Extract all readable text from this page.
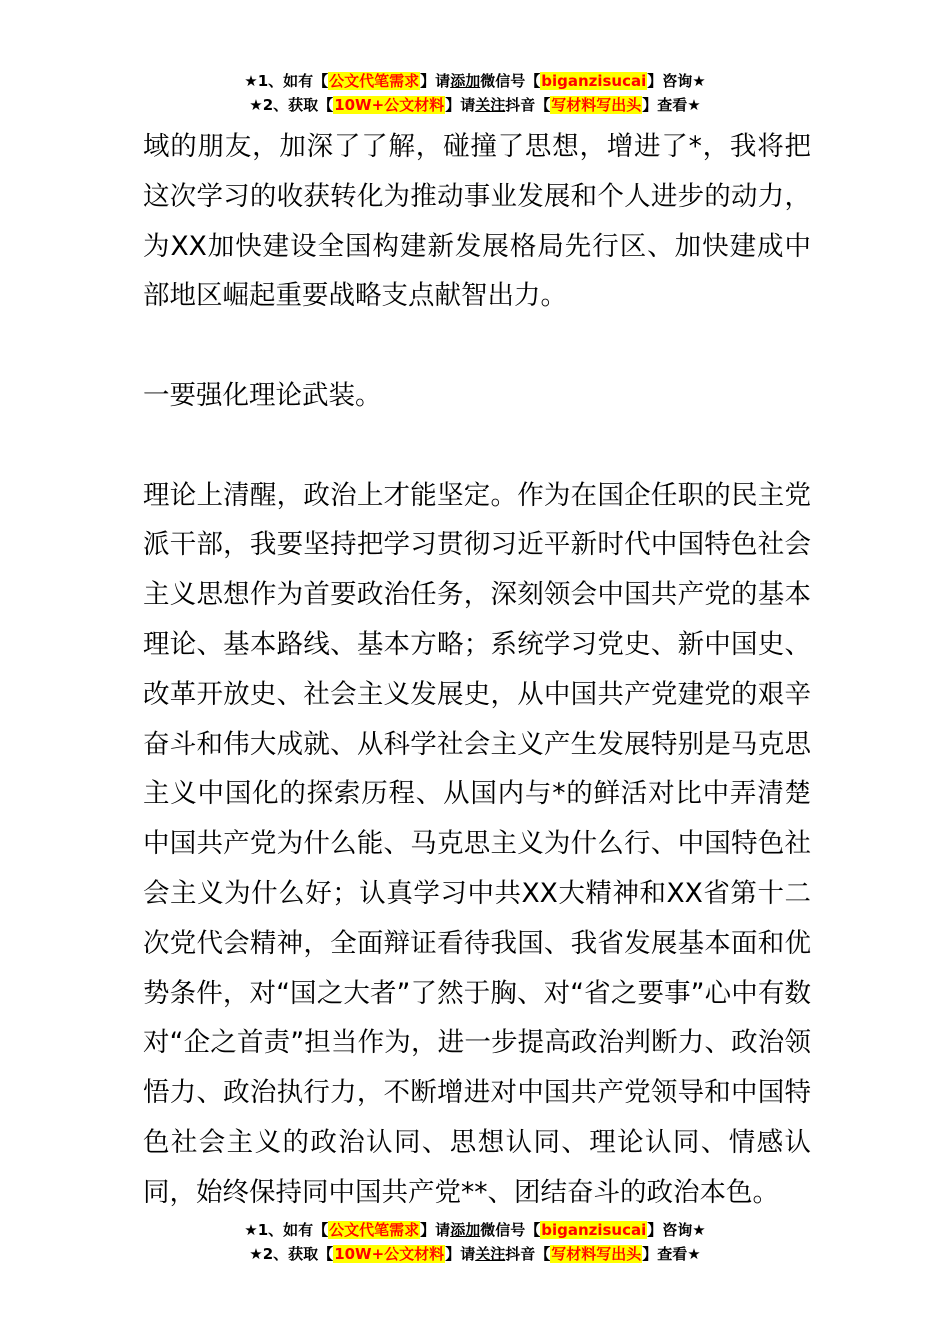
★1、如有【公文代笔需求】请添加微信号【biganzisucai】咨询★
★2、获取【10W+公文材料】请关注抖音【写材料写出头】查看★

域的朋友，加深了了解，碰撞了思想，增进了*，我将把这次学习的收获转化为推动事业发展和个人进步的动力，为XX加快建设全国构建新发展格局先行区、加快建成中部地区崛起重要战略支点献智出力。

一要强化理论武装。

理论上清醒，政治上才能坚定。作为在国企任职的民主党派干部，我要坚持把学习贯彻习近平新时代中国特色社会主义思想作为首要政治任务，深刻领会中国共产党的基本理论、基本路线、基本方略；系统学习党史、新中国史、改革开放史、社会主义发展史，从中国共产党建党的艰辛奋斗和伟大成就、从科学社会主义产生发展特别是马克思主义中国化的探索历程、从国内与*的鲜活对比中弄清楚中国共产党为什么能、马克思主义为什么行、中国特色社会主义为什么好；认真学习中共XX大精神和XX省第十二次党代会精神，全面辩证看待我国、我省发展基本面和优势条件，对“国之大者”了然于胸、对“省之要事”心中有数对“企之首责”担当作为，进一步提高政治判断力、政治领悟力、政治执行力，不断增进对中国共产党领导和中国特色社会主义的政治认同、思想认同、理论认同、情感认同，始终保持同中国共产党**、团结奋斗的政治本色。

★1、如有【公文代笔需求】请添加微信号【biganzisucai】咨询★
★2、获取【10W+公文材料】请关注抖音【写材料写出头】查看★
